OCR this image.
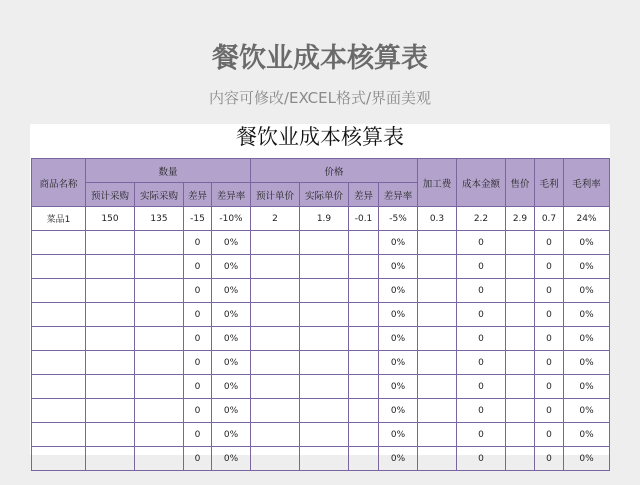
餐饮业成本核算表
内容可修改/EXCEL格式/界面美观
餐饮业成本核算表
商品名称	数量				价格				加工费	成本金额	售价	毛利	毛利率
	预计采购	实际采购	差异	差异率	预计单价	实际单价	差异	差异率					
菜品1	150	135	-15	-10%	2	1.9	-0.1	-5%	0.3	2.2	2.9	0.7	24%
			0	0%				0%		0		0	0%
			0	0%				0%		0		0	0%
			0	0%				0%		0		0	0%
			0	0%				0%		0		0	0%
			0	0%				0%		0		0	0%
			0	0%				0%		0		0	0%
			0	0%				0%		0		0	0%
			0	0%				0%		0		0	0%
			0	0%				0%		0		0	0%
			0	0%				0%		0		0	0%
